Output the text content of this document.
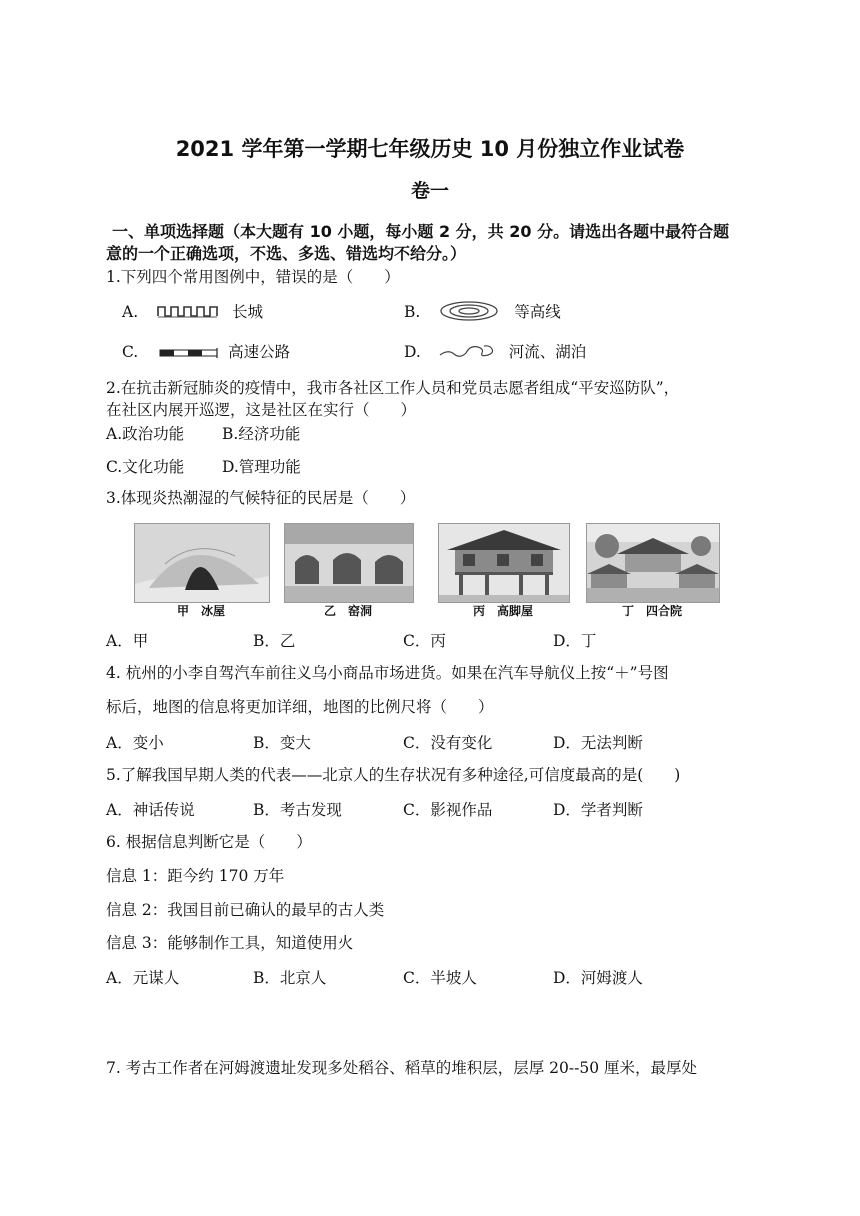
2021 学年第一学期七年级历史 10 月份独立作业试卷
卷一
一、单项选择题（本大题有 10 小题，每小题 2 分，共 20 分。请选出各题中最符合题
意的一个正确选项，不选、多选、错选均不给分。）
1.下列四个常用图例中，错误的是（　　）
A.	长城	B.	等高线
C.	高速公路	D.	河流、湖泊
2.在抗击新冠肺炎的疫情中，我市各社区工作人员和党员志愿者组成“平安巡防队”，
在社区内展开巡逻，这是社区在实行（　　）
A.政治功能 B.经济功能
C.文化功能 D.管理功能
3.体现炎热潮湿的气候特征的民居是（　　）
甲　冰屋	乙　窑洞	丙　高脚屋	丁　四合院
A．甲	B．乙	C．丙	D．丁
4. 杭州的小李自驾汽车前往义乌小商品市场进货。如果在汽车导航仪上按“＋”号图
标后，地图的信息将更加详细，地图的比例尺将（　　）
A．变小	B．变大	C．没有变化	D．无法判断
5.了解我国早期人类的代表——北京人的生存状况有多种途径,可信度最高的是(　　)
A．神话传说	B．考古发现	C．影视作品	D．学者判断
6. 根据信息判断它是（　　）
信息 1：距今约 170 万年
信息 2：我国目前已确认的最早的古人类
信息 3：能够制作工具，知道使用火
A．元谋人	B．北京人	C．半坡人	D．河姆渡人
7. 考古工作者在河姆渡遗址发现多处稻谷、稻草的堆积层，层厚 20--50 厘米，最厚处
